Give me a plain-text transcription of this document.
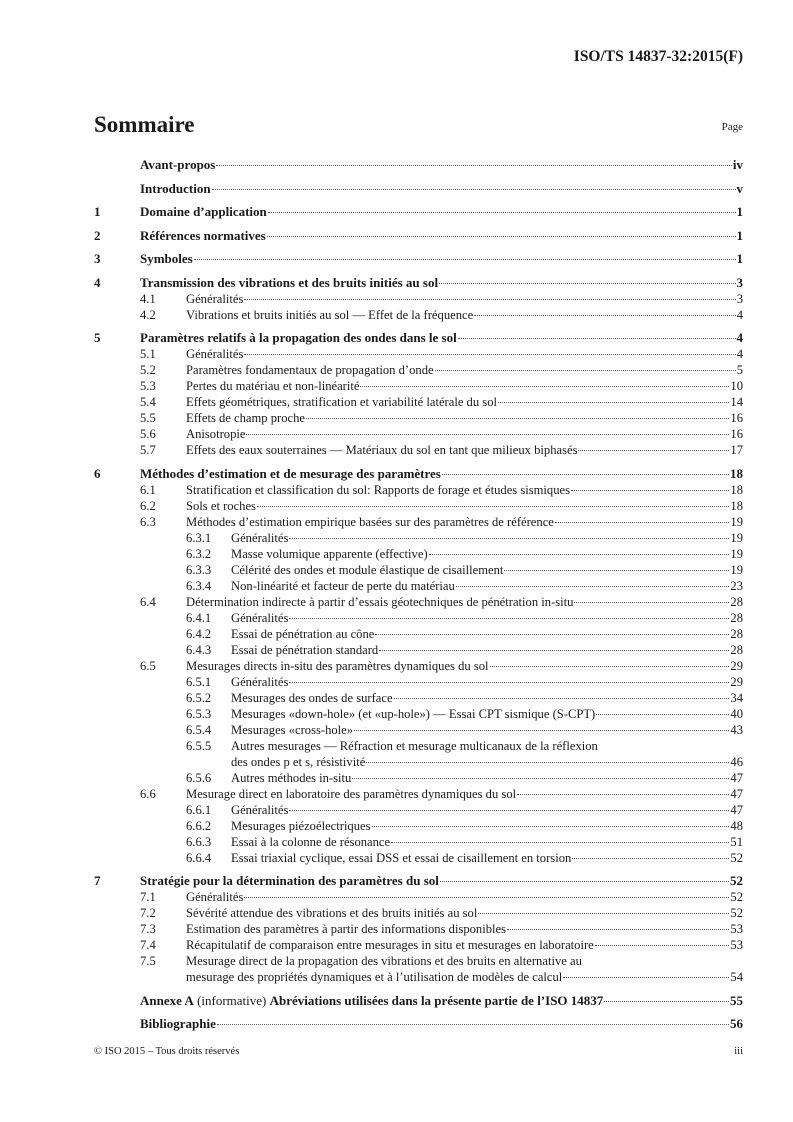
ISO/TS 14837-32:2015(F)
Sommaire	Page
Avant-propos	iv
Introduction	v
1	Domaine d’application	1
2	Références normatives	1
3	Symboles	1
4	Transmission des vibrations et des bruits initiés au sol	3
4.1	Généralités	3
4.2	Vibrations et bruits initiés au sol — Effet de la fréquence	4
5	Paramètres relatifs à la propagation des ondes dans le sol	4
5.1	Généralités	4
5.2	Paramètres fondamentaux de propagation d’onde	5
5.3	Pertes du matériau et non-linéarité	10
5.4	Effets géométriques, stratification et variabilité latérale du sol	14
5.5	Effets de champ proche	16
5.6	Anisotropie	16
5.7	Effets des eaux souterraines — Matériaux du sol en tant que milieux biphasés	17
6	Méthodes d’estimation et de mesurage des paramètres	18
6.1	Stratification et classification du sol: Rapports de forage et études sismiques	18
6.2	Sols et roches	18
6.3	Méthodes d’estimation empirique basées sur des paramètres de référence	19
6.3.1	Généralités	19
6.3.2	Masse volumique apparente (effective)	19
6.3.3	Célérité des ondes et module élastique de cisaillement	19
6.3.4	Non-linéarité et facteur de perte du matériau	23
6.4	Détermination indirecte à partir d’essais géotechniques de pénétration in-situ	28
6.4.1	Généralités	28
6.4.2	Essai de pénétration au cône	28
6.4.3	Essai de pénétration standard	28
6.5	Mesurages directs in-situ des paramètres dynamiques du sol	29
6.5.1	Généralités	29
6.5.2	Mesurages des ondes de surface	34
6.5.3	Mesurages «down-hole» (et «up-hole») — Essai CPT sismique (S-CPT)	40
6.5.4	Mesurages «cross-hole»	43
6.5.5	Autres mesurages — Réfraction et mesurage multicanaux de la réflexion
des ondes p et s, résistivité	46
6.5.6	Autres méthodes in-situ	47
6.6	Mesurage direct en laboratoire des paramètres dynamiques du sol	47
6.6.1	Généralités	47
6.6.2	Mesurages piézoélectriques	48
6.6.3	Essai à la colonne de résonance	51
6.6.4	Essai triaxial cyclique, essai DSS et essai de cisaillement en torsion	52
7	Stratégie pour la détermination des paramètres du sol	52
7.1	Généralités	52
7.2	Sévérité attendue des vibrations et des bruits initiés au sol	52
7.3	Estimation des paramètres à partir des informations disponibles	53
7.4	Récapitulatif de comparaison entre mesurages in situ et mesurages en laboratoire	53
7.5	Mesurage direct de la propagation des vibrations et des bruits en alternative au
mesurage des propriétés dynamiques et à l’utilisation de modèles de calcul	54
Annexe A (informative) Abréviations utilisées dans la présente partie de l’ISO 14837	55
Bibliographie	56
© ISO 2015 – Tous droits réservés	iii
